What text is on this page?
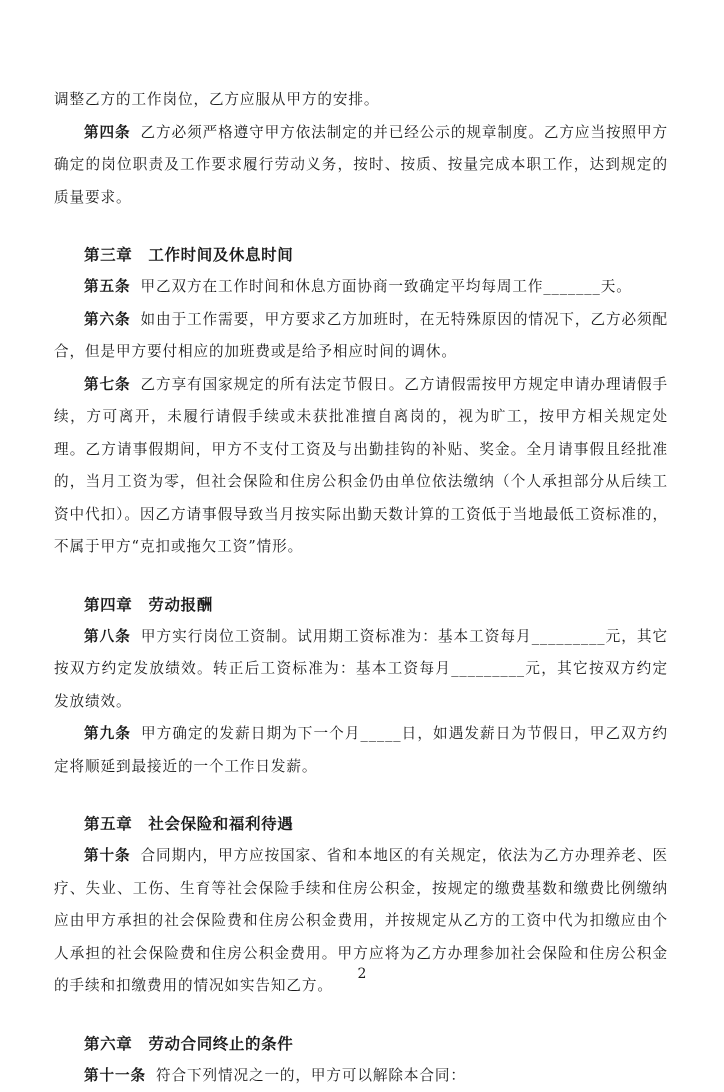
调整乙方的工作岗位，乙方应服从甲方的安排。

第四条 乙方必须严格遵守甲方依法制定的并已经公示的规章制度。乙方应当按照甲方确定的岗位职责及工作要求履行劳动义务，按时、按质、按量完成本职工作，达到规定的质量要求。

第三章　工作时间及休息时间

第五条 甲乙双方在工作时间和休息方面协商一致确定平均每周工作_______天。

第六条 如由于工作需要，甲方要求乙方加班时，在无特殊原因的情况下，乙方必须配合，但是甲方要付相应的加班费或是给予相应时间的调休。

第七条 乙方享有国家规定的所有法定节假日。乙方请假需按甲方规定申请办理请假手续，方可离开，未履行请假手续或未获批准擅自离岗的，视为旷工，按甲方相关规定处理。乙方请事假期间，甲方不支付工资及与出勤挂钩的补贴、奖金。全月请事假且经批准的，当月工资为零，但社会保险和住房公积金仍由单位依法缴纳（个人承担部分从后续工资中代扣）。因乙方请事假导致当月按实际出勤天数计算的工资低于当地最低工资标准的，不属于甲方“克扣或拖欠工资”情形。

第四章　劳动报酬

第八条 甲方实行岗位工资制。试用期工资标准为：基本工资每月_________元，其它按双方约定发放绩效。转正后工资标准为：基本工资每月_________元，其它按双方约定发放绩效。

第九条 甲方确定的发薪日期为下一个月_____日，如遇发薪日为节假日，甲乙双方约定将顺延到最接近的一个工作日发薪。

第五章　社会保险和福利待遇

第十条 合同期内，甲方应按国家、省和本地区的有关规定，依法为乙方办理养老、医疗、失业、工伤、生育等社会保险手续和住房公积金，按规定的缴费基数和缴费比例缴纳应由甲方承担的社会保险费和住房公积金费用，并按规定从乙方的工资中代为扣缴应由个人承担的社会保险费和住房公积金费用。甲方应将为乙方办理参加社会保险和住房公积金的手续和扣缴费用的情况如实告知乙方。

第六章　劳动合同终止的条件

第十一条 符合下列情况之一的，甲方可以解除本合同：

2
